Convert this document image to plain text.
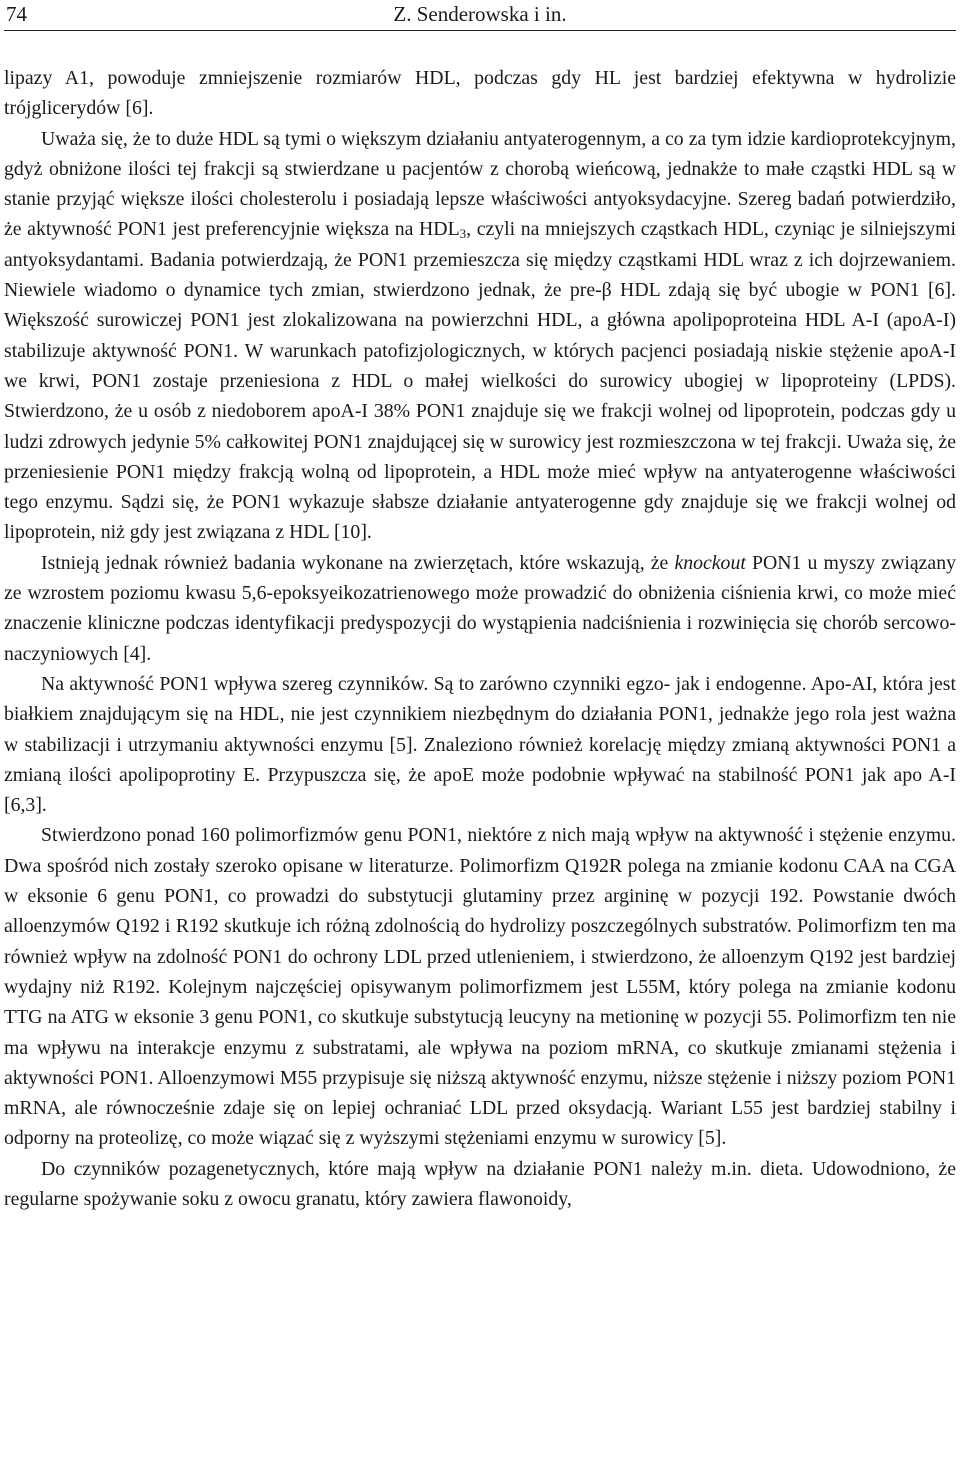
74	Z. Senderowska i in.

lipazy A1, powoduje zmniejszenie rozmiarów HDL, podczas gdy HL jest bardziej efektywna w hydrolizie trójglicerydów [6].

Uważa się, że to duże HDL są tymi o większym działaniu antyaterogennym, a co za tym idzie kardioprotekcyjnym, gdyż obniżone ilości tej frakcji są stwierdzane u pacjentów z chorobą wieńcową, jednakże to małe cząstki HDL są w stanie przyjąć większe ilości cholesterolu i posiadają lepsze właściwości antyoksydacyjne. Szereg badań potwierdziło, że aktywność PON1 jest preferencyjnie większa na $HDL_3$, czyli na mniejszych cząstkach HDL, czyniąc je silniejszymi antyoksydantami. Badania potwierdzają, że PON1 przemieszcza się między cząstkami HDL wraz z ich dojrzewaniem. Niewiele wiadomo o dynamice tych zmian, stwierdzono jednak, że pre-β HDL zdają się być ubogie w PON1 [6]. Większość surowiczej PON1 jest zlokalizowana na powierzchni HDL, a główna apolipoproteina HDL A-I (apoA-I) stabilizuje aktywność PON1. W warunkach patofizjologicznych, w których pacjenci posiadają niskie stężenie apoA-I we krwi, PON1 zostaje przeniesiona z HDL o małej wielkości do surowicy ubogiej w lipoproteiny (LPDS). Stwierdzono, że u osób z niedoborem apoA-I 38% PON1 znajduje się we frakcji wolnej od lipoprotein, podczas gdy u ludzi zdrowych jedynie 5% całkowitej PON1 znajdującej się w surowicy jest rozmieszczona w tej frakcji. Uważa się, że przeniesienie PON1 między frakcją wolną od lipoprotein, a HDL może mieć wpływ na antyaterogenne właściwości tego enzymu. Sądzi się, że PON1 wykazuje słabsze działanie antyaterogenne gdy znajduje się we frakcji wolnej od lipoprotein, niż gdy jest związana z HDL [10].

Istnieją jednak również badania wykonane na zwierzętach, które wskazują, że knockout PON1 u myszy związany ze wzrostem poziomu kwasu 5,6-epoksyeikozatrienowego może prowadzić do obniżenia ciśnienia krwi, co może mieć znaczenie kliniczne podczas identyfikacji predyspozycji do wystąpienia nadciśnienia i rozwinięcia się chorób sercowo-naczyniowych [4].

Na aktywność PON1 wpływa szereg czynników. Są to zarówno czynniki egzo- jak i endogenne. Apo-AI, która jest białkiem znajdującym się na HDL, nie jest czynnikiem niezbędnym do działania PON1, jednakże jego rola jest ważna w stabilizacji i utrzymaniu aktywności enzymu [5]. Znaleziono również korelację między zmianą aktywności PON1 a zmianą ilości apolipoprotiny E. Przypuszcza się, że apoE może podobnie wpływać na stabilność PON1 jak apo A-I [6,3].

Stwierdzono ponad 160 polimorfizmów genu PON1, niektóre z nich mają wpływ na aktywność i stężenie enzymu. Dwa spośród nich zostały szeroko opisane w literaturze. Polimorfizm Q192R polega na zmianie kodonu CAA na CGA w eksonie 6 genu PON1, co prowadzi do substytucji glutaminy przez argininę w pozycji 192. Powstanie dwóch alloenzymów Q192 i R192 skutkuje ich różną zdolnością do hydrolizy poszczególnych substratów. Polimorfizm ten ma również wpływ na zdolność PON1 do ochrony LDL przed utlenieniem, i stwierdzono, że alloenzym Q192 jest bardziej wydajny niż R192. Kolejnym najczęściej opisywanym polimorfizmem jest L55M, który polega na zmianie kodonu TTG na ATG w eksonie 3 genu PON1, co skutkuje substytucją leucyny na metioninę w pozycji 55. Polimorfizm ten nie ma wpływu na interakcje enzymu z substratami, ale wpływa na poziom mRNA, co skutkuje zmianami stężenia i aktywności PON1. Alloenzymowi M55 przypisuje się niższą aktywność enzymu, niższe stężenie i niższy poziom PON1 mRNA, ale równocześnie zdaje się on lepiej ochraniać LDL przed oksydacją. Wariant L55 jest bardziej stabilny i odporny na proteolizę, co może wiązać się z wyższymi stężeniami enzymu w surowicy [5].

Do czynników pozagenetycznych, które mają wpływ na działanie PON1 należy m.in. dieta. Udowodniono, że regularne spożywanie soku z owocu granatu, który zawiera flawonoidy,
